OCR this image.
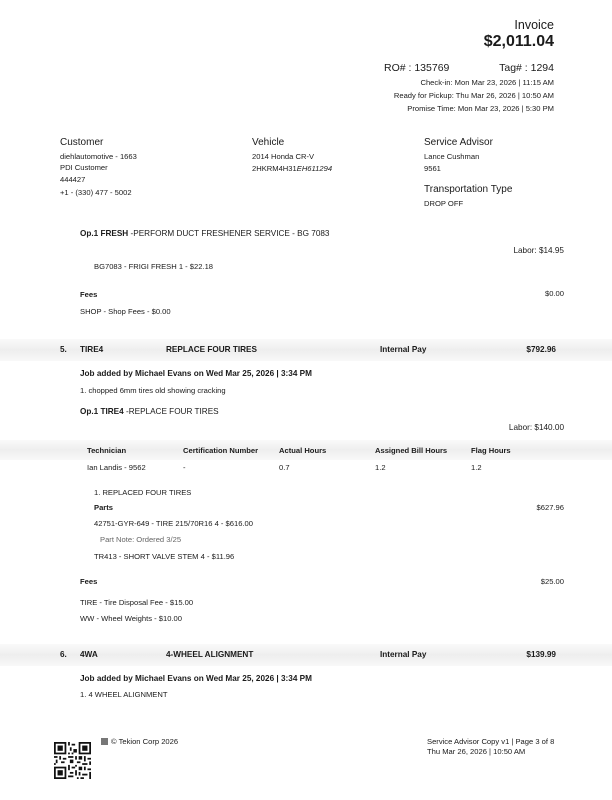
Invoice
$2,011.04
RO# : 135769	Tag# : 1294
Check-in: Mon Mar 23, 2026 | 11:15 AM
Ready for Pickup: Thu Mar 26, 2026 | 10:50 AM
Promise Time: Mon Mar 23, 2026 | 5:30 PM
Customer
diehlautomotive - 1663
PDI Customer
444427
+1 - (330) 477 - 5002
Vehicle
2014 Honda CR-V
2HKRM4H31EH611294
Service Advisor
Lance Cushman
9561
Transportation Type
DROP OFF
Op.1 FRESH -PERFORM DUCT FRESHENER SERVICE - BG 7083
Labor: $14.95
BG7083 - FRIGI FRESH 1 - $22.18
Fees	$0.00
SHOP - Shop Fees - $0.00
5. TIRE4	REPLACE FOUR TIRES	Internal Pay	$792.96
Job added by Michael Evans on Wed Mar 25, 2026 | 3:34 PM
1. chopped 6mm tires old showing cracking
Op.1 TIRE4 -REPLACE FOUR TIRES
Labor: $140.00
Technician	Certification Number	Actual Hours	Assigned Bill Hours	Flag Hours
Ian Landis - 9562	-	0.7	1.2	1.2
1. REPLACED FOUR TIRES
Parts	$627.96
42751-GYR-649 - TIRE 215/70R16 4 - $616.00
Part Note: Ordered 3/25
TR413 - SHORT VALVE STEM 4 - $11.96
Fees	$25.00
TIRE - Tire Disposal Fee - $15.00
WW - Wheel Weights - $10.00
6. 4WA	4-WHEEL ALIGNMENT	Internal Pay	$139.99
Job added by Michael Evans on Wed Mar 25, 2026 | 3:34 PM
1. 4 WHEEL ALIGNMENT
© Tekion Corp 2026	Service Advisor Copy v1 | Page 3 of 8
Thu Mar 26, 2026 | 10:50 AM
